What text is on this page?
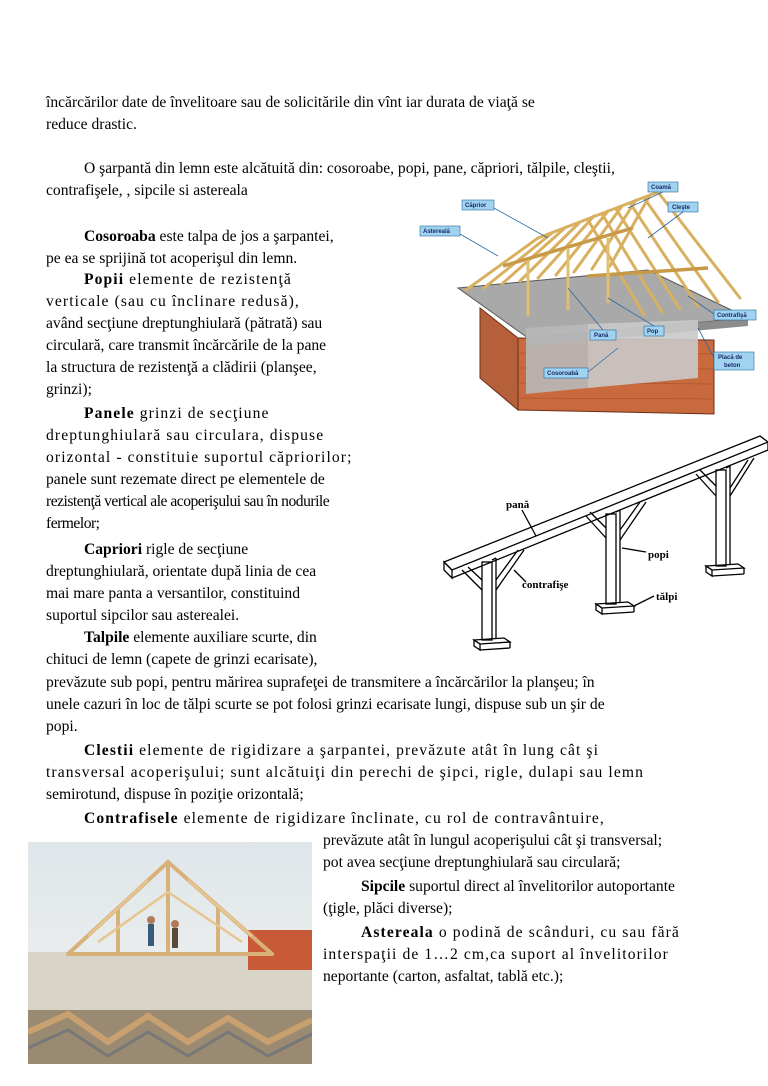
încărcărilor date de învelitoare sau de solicitările din vînt iar durata de viaţă se
reduce drastic.
O şarpantă din lemn este alcătuită din: cosoroabe, popi, pane, căpriori, tălpile, cleştii,
contrafişele, , sipcile si astereala
Cosoroaba este talpa de jos a şarpantei,
pe ea se sprijină tot acoperişul din lemn.
Popii elemente de rezistenţă
verticale (sau cu înclinare redusă),
având secţiune dreptunghiulară (pătrată) sau
circulară, care transmit încărcările de la pane
la structura de rezistenţă a clădirii (planşee,
grinzi);
Panele grinzi de secţiune
dreptunghiulară sau circulara, dispuse
orizontal - constituie suportul căpriorilor;
panele sunt rezemate direct pe elementele de
rezistenţă vertical ale acoperişului sau în nodurile
fermelor;
Capriori rigle de secţiune
dreptunghiulară, orientate după linia de cea
mai mare panta a versantilor, constituind
suportul sipcilor sau asterealei.
Talpile elemente auxiliare scurte, din
chituci de lemn (capete de grinzi ecarisate),
prevăzute sub popi, pentru mărirea suprafeţei de transmitere a încărcărilor la planşeu; în
unele cazuri în loc de tălpi scurte se pot folosi grinzi ecarisate lungi, dispuse sub un şir de
popi.
Clestii elemente de rigidizare a şarpantei, prevăzute atât în lung cât şi
transversal acoperişului; sunt alcătuiţi din perechi de şipci, rigle, dulapi sau lemn
semirotund, dispuse în poziţie orizontală;
Contrafisele elemente de rigidizare înclinate, cu rol de contravântuire,
prevăzute atât în lungul acoperişului cât şi transversal;
pot avea secţiune dreptunghiulară sau circulară;
Sipcile suportul direct al învelitorilor autoportante
(ţigle, plăci diverse);
Astereala o podină de scânduri, cu sau fără
interspaţii de 1…2 cm,ca suport al învelitorilor
neportante (carton, asfaltat, tablă etc.);
Coamă
Căprior	Cleşte
Astereală
Contrafişă
Pană
Pop
Placă de
beton
Cosoroabă
pană
contrafişe
popi
tălpi
